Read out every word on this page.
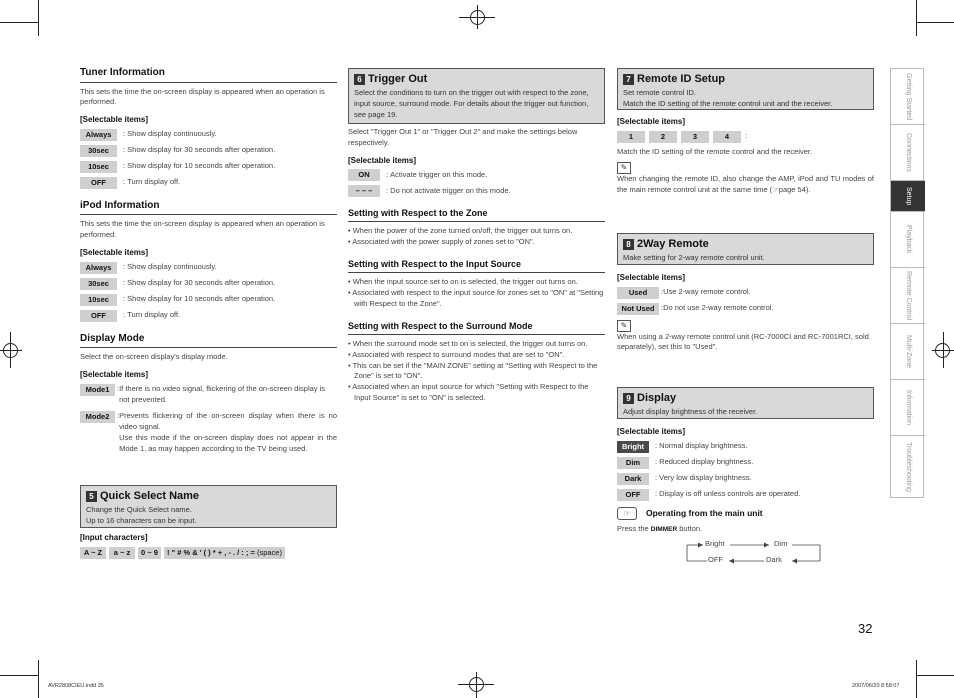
Tuner Information
This sets the time the on-screen display is appeared when an operation is performed.
[Selectable items]
Always	: Show display continuously.
30sec	: Show display for 30 seconds after operation.
10sec	: Show display for 10 seconds after operation.
OFF	: Turn display off.
iPod Information
This sets the time the on-screen display is appeared when an operation is performed.
[Selectable items]
Always	: Show display continuously.
30sec	: Show display for 30 seconds after operation.
10sec	: Show display for 10 seconds after operation.
OFF	: Turn display off.
Display Mode
Select the on-screen display's display mode.
[Selectable items]
Mode1	: If there is no video signal, flickering of the on-screen display is not prevented.
Mode2	: Prevents flickering of the on-screen display when there is no video signal.
Use this mode if the on-screen display does not appear in the Mode 1, as may happen according to the TV being used.
5 Quick Select Name
Change the Quick Select name.
Up to 16 characters can be input.
[Input characters]
A ~ Z	a ~ z	0 ~ 9	! " # % & ' ( ) * + , - . / : ; = (space)
6 Trigger Out
Select the conditions to turn on the trigger out with respect to the zone, input source, surround mode. For details about the trigger out function, see page 19.
Select "Trigger Out 1" or "Trigger Out 2" and make the settings below respectively.
[Selectable items]
ON	: Activate trigger on this mode.
– – –	: Do not activate trigger on this mode.
Setting with Respect to the Zone
• When the power of the zone turned on/off, the trigger out turns on.
• Associated with the power supply of zones set to "ON".
Setting with Respect to the Input Source
• When the input source set to on is selected, the trigger out turns on.
• Associated with respect to the input source for zones set to "ON" at "Setting with Respect to the Zone".
Setting with Respect to the Surround Mode
• When the surround mode set to on is selected, the trigger out turns on.
• Associated with respect to surround modes that are set to "ON".
• This can be set if the "MAIN ZONE" setting at "Setting with Respect to the Zone" is set to "ON".
• Associated when an input source for which "Setting with Respect to the Input Source" is set to "ON" is selected.
7 Remote ID Setup
Set remote control ID.
Match the ID setting of the remote control unit and the receiver.
[Selectable items]
1	2	3	4	:
Match the ID setting of the remote control and the receiver.
✎
When changing the remote ID, also change the AMP, iPod and TU modes of the main remote control unit at the same time (☞page 54).
8 2Way Remote
Make setting for 2-way remote control unit.
[Selectable items]
Used	: Use 2-way remote control.
Not Used : Do not use 2-way remote control.
✎
When using a 2-way remote control unit (RC-7000CI and RC-7001RCI, sold separately), set this to "Used".
9 Display
Adjust display brightness of the receiver.
[Selectable items]
Bright	: Normal display brightness.
Dim	: Reduced display brightness.
Dark	: Very low display brightness.
OFF	: Display is off unless controls are operated.
☞	Operating from the main unit
Press the DIMMER button.
Bright	Dim
OFF	Dark
Getting Started
Connections
Setup
Playback
Remote Control
Multi-Zone
Information
Troubleshooting
32
AVR2808CIEU.indd 35	2007/06/20 8:58:07
